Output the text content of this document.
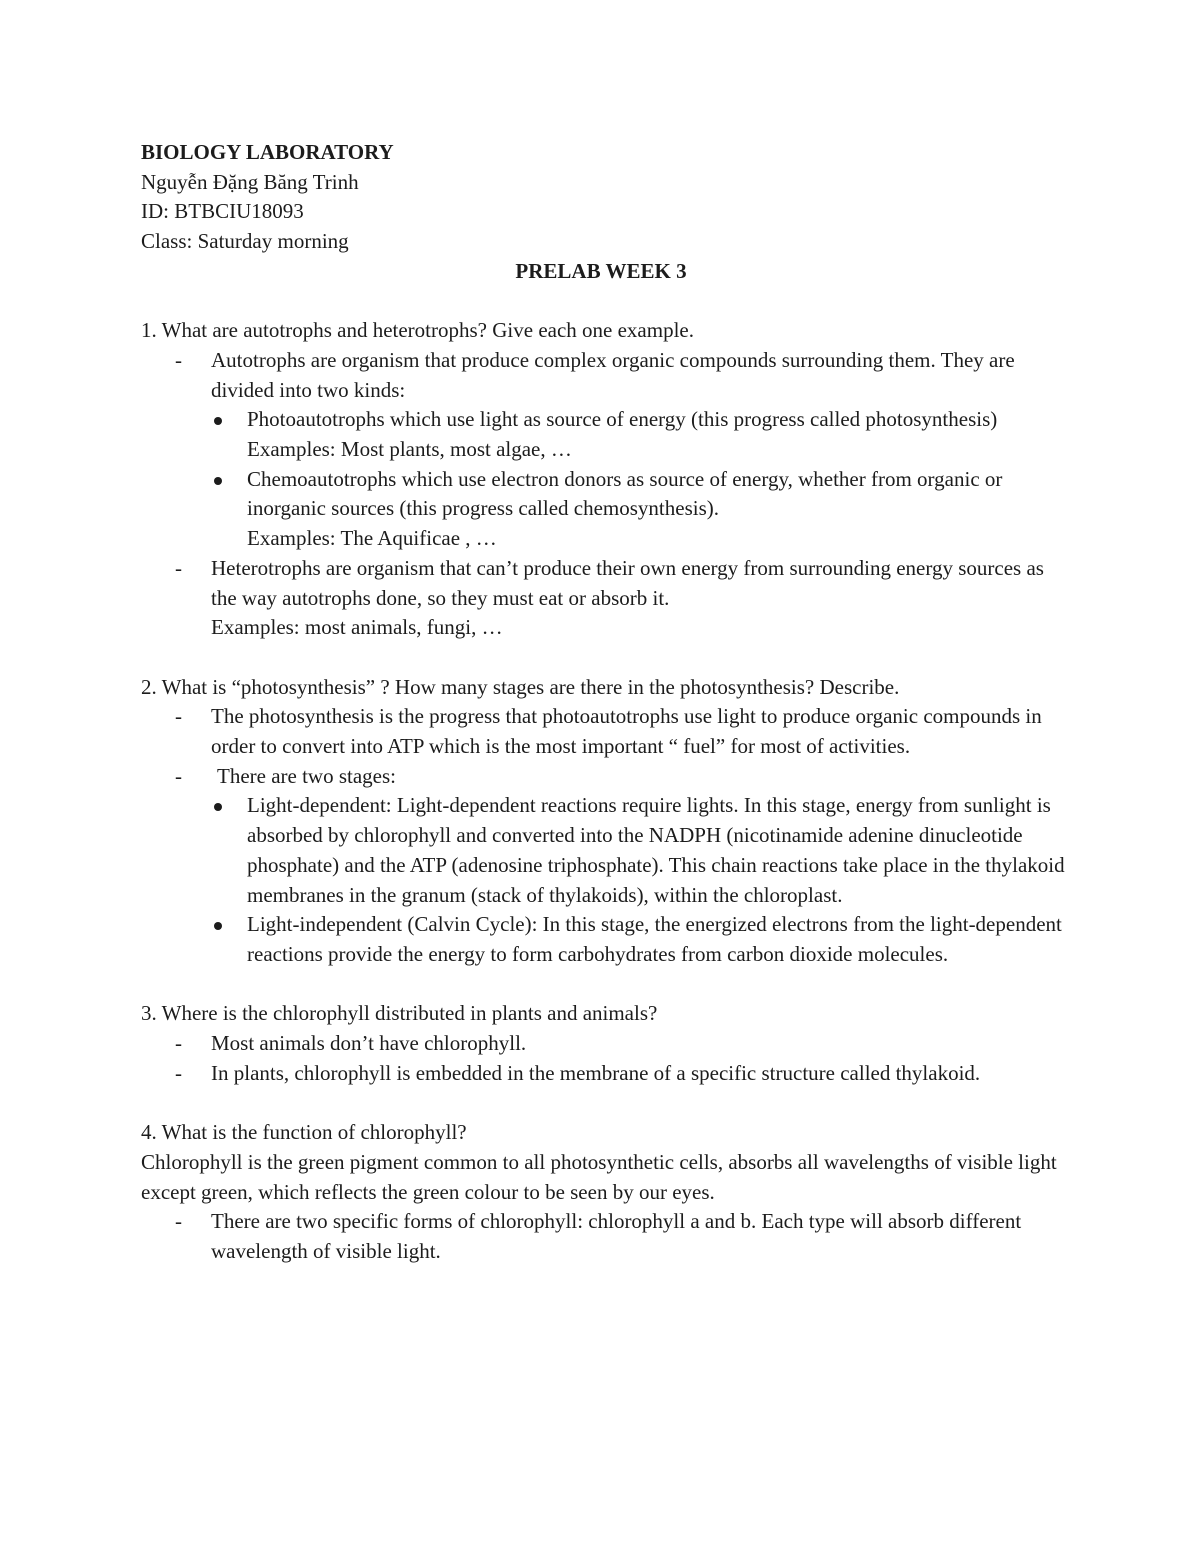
BIOLOGY LABORATORY
Nguyễn Đặng Băng Trinh
ID: BTBCIU18093
Class: Saturday morning
PRELAB WEEK 3
1. What are autotrophs and heterotrophs? Give each one example.
- Autotrophs are organism that produce complex organic compounds surrounding them. They are divided into two kinds:
Photoautotrophs which use light as source of energy (this progress called photosynthesis)
Examples: Most plants, most algae, …
Chemoautotrophs which use electron donors as source of energy, whether from organic or inorganic sources (this progress called chemosynthesis).
Examples: The Aquificae , …
- Heterotrophs are organism that can’t produce their own energy from surrounding energy sources as the way autotrophs done, so they must eat or absorb it.
Examples: most animals, fungi, …
2. What is “photosynthesis” ? How many stages are there in the photosynthesis? Describe.
- The photosynthesis is the progress that photoautotrophs use light to produce organic compounds in order to convert into ATP which is the most important “ fuel” for most of activities.
- There are two stages:
Light-dependent: Light-dependent reactions require lights. In this stage, energy from sunlight is absorbed by chlorophyll and converted into the NADPH (nicotinamide adenine dinucleotide phosphate) and the ATP (adenosine triphosphate). This chain reactions take place in the thylakoid membranes in the granum (stack of thylakoids), within the chloroplast.
Light-independent (Calvin Cycle): In this stage, the energized electrons from the light-dependent reactions provide the energy to form carbohydrates from carbon dioxide molecules.
3. Where is the chlorophyll distributed in plants and animals?
- Most animals don’t have chlorophyll.
- In plants, chlorophyll is embedded in the membrane of a specific structure called thylakoid.
4. What is the function of chlorophyll?
Chlorophyll is the green pigment common to all photosynthetic cells, absorbs all wavelengths of visible light except green, which reflects the green colour to be seen by our eyes.
- There are two specific forms of chlorophyll: chlorophyll a and b. Each type will absorb different wavelength of visible light.
